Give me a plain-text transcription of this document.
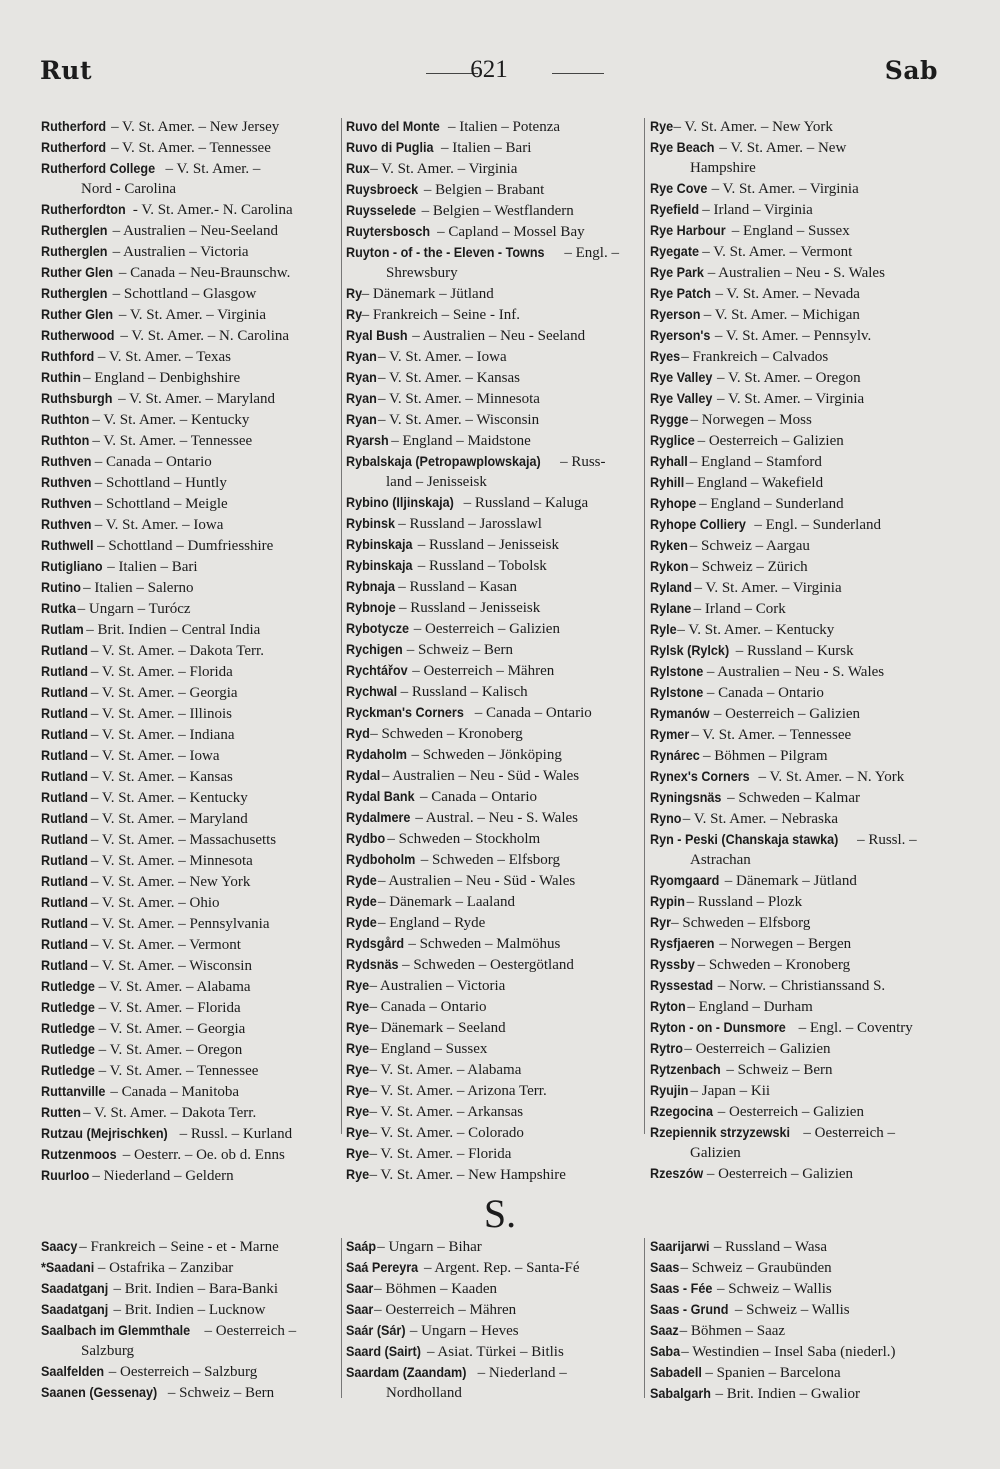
Rut	621	Sab
Rutherford – V. St. Amer. – New Jersey
Rutherford – V. St. Amer. – Tennessee
Rutherford College – V. St. Amer. –
Nord - Carolina
Rutherfordton - V. St. Amer.- N. Carolina
Rutherglen – Australien – Neu-Seeland
Rutherglen – Australien – Victoria
Ruther Glen – Canada – Neu-Braunschw.
Rutherglen – Schottland – Glasgow
Ruther Glen – V. St. Amer. – Virginia
Rutherwood – V. St. Amer. – N. Carolina
Ruthford – V. St. Amer. – Texas
Ruthin – England – Denbighshire
Ruthsburgh – V. St. Amer. – Maryland
Ruthton – V. St. Amer. – Kentucky
Ruthton – V. St. Amer. – Tennessee
Ruthven – Canada – Ontario
Ruthven – Schottland – Huntly
Ruthven – Schottland – Meigle
Ruthven – V. St. Amer. – Iowa
Ruthwell – Schottland – Dumfriesshire
Rutigliano – Italien – Bari
Rutino – Italien – Salerno
Rutka – Ungarn – Turócz
Rutlam – Brit. Indien – Central India
Rutland – V. St. Amer. – Dakota Terr.
Rutland – V. St. Amer. – Florida
Rutland – V. St. Amer. – Georgia
Rutland – V. St. Amer. – Illinois
Rutland – V. St. Amer. – Indiana
Rutland – V. St. Amer. – Iowa
Rutland – V. St. Amer. – Kansas
Rutland – V. St. Amer. – Kentucky
Rutland – V. St. Amer. – Maryland
Rutland – V. St. Amer. – Massachusetts
Rutland – V. St. Amer. – Minnesota
Rutland – V. St. Amer. – New York
Rutland – V. St. Amer. – Ohio
Rutland – V. St. Amer. – Pennsylvania
Rutland – V. St. Amer. – Vermont
Rutland – V. St. Amer. – Wisconsin
Rutledge – V. St. Amer. – Alabama
Rutledge – V. St. Amer. – Florida
Rutledge – V. St. Amer. – Georgia
Rutledge – V. St. Amer. – Oregon
Rutledge – V. St. Amer. – Tennessee
Ruttanville – Canada – Manitoba
Rutten – V. St. Amer. – Dakota Terr.
Rutzau (Mejrischken) – Russl. – Kurland
Rutzenmoos – Oesterr. – Oe. ob d. Enns
Ruurloo – Niederland – Geldern
Ruvo del Monte – Italien – Potenza
Ruvo di Puglia – Italien – Bari
Rux – V. St. Amer. – Virginia
Ruysbroeck – Belgien – Brabant
Ruysselede – Belgien – Westflandern
Ruytersbosch – Capland – Mossel Bay
Ruyton - of - the - Eleven - Towns – Engl. –
Shrewsbury
Ry – Dänemark – Jütland
Ry – Frankreich – Seine - Inf.
Ryal Bush – Australien – Neu - Seeland
Ryan – V. St. Amer. – Iowa
Ryan – V. St. Amer. – Kansas
Ryan – V. St. Amer. – Minnesota
Ryan – V. St. Amer. – Wisconsin
Ryarsh – England – Maidstone
Rybalskaja (Petropawplowskaja) – Russ-
land – Jenisseisk
Rybino (Iljinskaja) – Russland – Kaluga
Rybinsk – Russland – Jarosslawl
Rybinskaja – Russland – Jenisseisk
Rybinskaja – Russland – Tobolsk
Rybnaja – Russland – Kasan
Rybnoje – Russland – Jenisseisk
Rybotycze – Oesterreich – Galizien
Rychigen – Schweiz – Bern
Rychtářov – Oesterreich – Mähren
Rychwal – Russland – Kalisch
Ryckman's Corners – Canada – Ontario
Ryd – Schweden – Kronoberg
Rydaholm – Schweden – Jönköping
Rydal – Australien – Neu - Süd - Wales
Rydal Bank – Canada – Ontario
Rydalmere – Austral. – Neu - S. Wales
Rydbo – Schweden – Stockholm
Rydboholm – Schweden – Elfsborg
Ryde – Australien – Neu - Süd - Wales
Ryde – Dänemark – Laaland
Ryde – England – Ryde
Rydsgård – Schweden – Malmöhus
Rydsnäs – Schweden – Oestergötland
Rye – Australien – Victoria
Rye – Canada – Ontario
Rye – Dänemark – Seeland
Rye – England – Sussex
Rye – V. St. Amer. – Alabama
Rye – V. St. Amer. – Arizona Terr.
Rye – V. St. Amer. – Arkansas
Rye – V. St. Amer. – Colorado
Rye – V. St. Amer. – Florida
Rye – V. St. Amer. – New Hampshire
Rye – V. St. Amer. – New York
Rye Beach – V. St. Amer. – New
Hampshire
Rye Cove – V. St. Amer. – Virginia
Ryefield – Irland – Virginia
Rye Harbour – England – Sussex
Ryegate – V. St. Amer. – Vermont
Rye Park – Australien – Neu - S. Wales
Rye Patch – V. St. Amer. – Nevada
Ryerson – V. St. Amer. – Michigan
Ryerson's – V. St. Amer. – Pennsylv.
Ryes – Frankreich – Calvados
Rye Valley – V. St. Amer. – Oregon
Rye Valley – V. St. Amer. – Virginia
Rygge – Norwegen – Moss
Ryglice – Oesterreich – Galizien
Ryhall – England – Stamford
Ryhill – England – Wakefield
Ryhope – England – Sunderland
Ryhope Colliery – Engl. – Sunderland
Ryken – Schweiz – Aargau
Rykon – Schweiz – Zürich
Ryland – V. St. Amer. – Virginia
Rylane – Irland – Cork
Ryle – V. St. Amer. – Kentucky
Rylsk (Rylck) – Russland – Kursk
Rylstone – Australien – Neu - S. Wales
Rylstone – Canada – Ontario
Rymanów – Oesterreich – Galizien
Rymer – V. St. Amer. – Tennessee
Rynárec – Böhmen – Pilgram
Rynex's Corners – V. St. Amer. – N. York
Ryningsnäs – Schweden – Kalmar
Ryno – V. St. Amer. – Nebraska
Ryn - Peski (Chanskaja stawka) – Russl. –
Astrachan
Ryomgaard – Dänemark – Jütland
Rypin – Russland – Plozk
Ryr – Schweden – Elfsborg
Rysfjaeren – Norwegen – Bergen
Ryssby – Schweden – Kronoberg
Ryssestad – Norw. – Christianssand S.
Ryton – England – Durham
Ryton - on - Dunsmore – Engl. – Coventry
Rytro – Oesterreich – Galizien
Rytzenbach – Schweiz – Bern
Ryujin – Japan – Kii
Rzegocina – Oesterreich – Galizien
Rzepiennik strzyzewski – Oesterreich –
Galizien
Rzeszów – Oesterreich – Galizien
S.
Saacy – Frankreich – Seine - et - Marne
*Saadani – Ostafrika – Zanzibar
Saadatganj – Brit. Indien – Bara-Banki
Saadatganj – Brit. Indien – Lucknow
Saalbach im Glemmthale – Oesterreich –
Salzburg
Saalfelden – Oesterreich – Salzburg
Saanen (Gessenay) – Schweiz – Bern
Saáp – Ungarn – Bihar
Saá Pereyra – Argent. Rep. – Santa-Fé
Saar – Böhmen – Kaaden
Saar – Oesterreich – Mähren
Saár (Sár) – Ungarn – Heves
Saard (Sairt) – Asiat. Türkei – Bitlis
Saardam (Zaandam) – Niederland –
Nordholland
Saarijarwi – Russland – Wasa
Saas – Schweiz – Graubünden
Saas - Fée – Schweiz – Wallis
Saas - Grund – Schweiz – Wallis
Saaz – Böhmen – Saaz
Saba – Westindien – Insel Saba (niederl.)
Sabadell – Spanien – Barcelona
Sabalgarh – Brit. Indien – Gwalior
